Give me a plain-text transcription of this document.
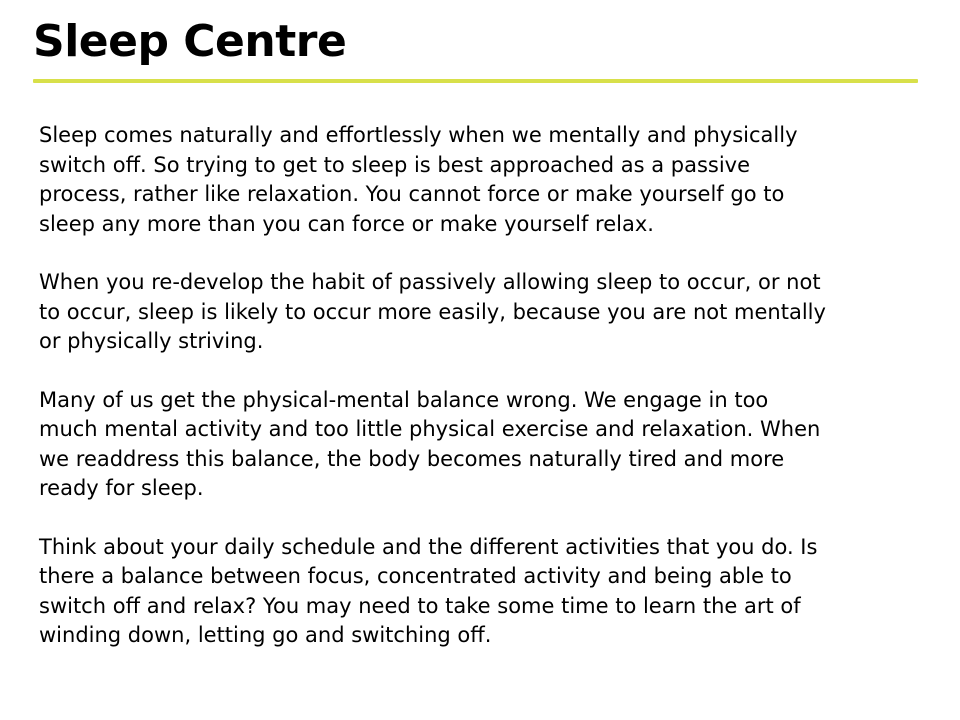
Sleep Centre

Sleep comes naturally and effortlessly when we mentally and physically
switch off. So trying to get to sleep is best approached as a passive
process, rather like relaxation. You cannot force or make yourself go to
sleep any more than you can force or make yourself relax.

When you re-develop the habit of passively allowing sleep to occur, or not
to occur, sleep is likely to occur more easily, because you are not mentally
or physically striving.

Many of us get the physical-mental balance wrong. We engage in too
much mental activity and too little physical exercise and relaxation. When
we readdress this balance, the body becomes naturally tired and more
ready for sleep.

Think about your daily schedule and the different activities that you do. Is
there a balance between focus, concentrated activity and being able to
switch off and relax? You may need to take some time to learn the art of
winding down, letting go and switching off.
